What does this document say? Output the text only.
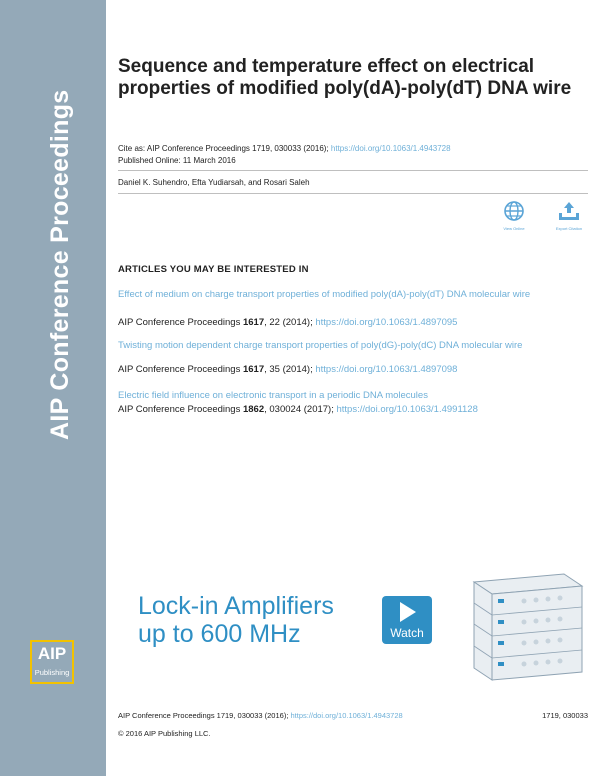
AIP Conference Proceedings
AIP
Publishing
Sequence and temperature effect on electrical properties of modified poly(dA)-poly(dT) DNA wire
Cite as: AIP Conference Proceedings 1719, 030033 (2016); https://doi.org/10.1063/1.4943728
Published Online: 11 March 2016
Daniel K. Suhendro, Efta Yudiarsah, and Rosari Saleh
View Online	Export Citation
ARTICLES YOU MAY BE INTERESTED IN
Effect of medium on charge transport properties of modified poly(dA)-poly(dT) DNA molecular wire
AIP Conference Proceedings 1617, 22 (2014); https://doi.org/10.1063/1.4897095
Twisting motion dependent charge transport properties of poly(dG)-poly(dC) DNA molecular wire
AIP Conference Proceedings 1617, 35 (2014); https://doi.org/10.1063/1.4897098
Electric field influence on electronic transport in a periodic DNA molecules
AIP Conference Proceedings 1862, 030024 (2017); https://doi.org/10.1063/1.4991128
Lock-in Amplifiers
up to 600 MHz	Watch
AIP Conference Proceedings 1719, 030033 (2016); https://doi.org/10.1063/1.4943728	1719, 030033
© 2016 AIP Publishing LLC.
